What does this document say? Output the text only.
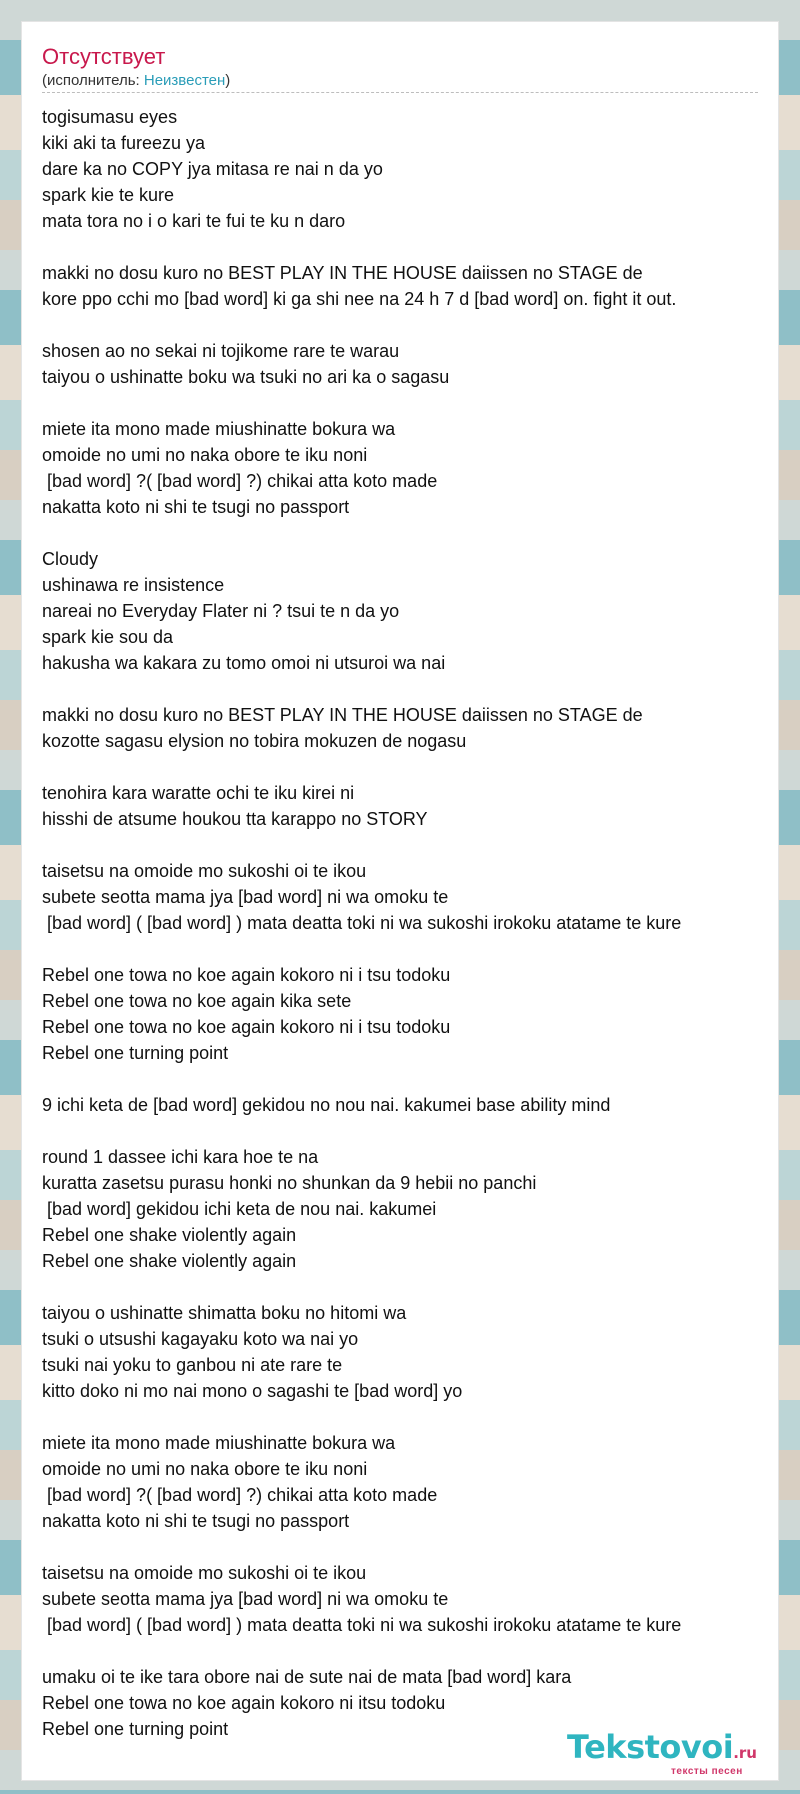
Отсутствует
(исполнитель: Неизвестен)
togisumasu eyes
kiki aki ta fureezu ya
dare ka no COPY jya mitasa re nai n da yo
spark kie te kure
mata tora no i o kari te fui te ku n daro
makki no dosu kuro no BEST PLAY IN THE HOUSE daiissen no STAGE de
kore ppo cchi mo [bad word] ki ga shi nee na 24 h 7 d [bad word] on. fight it out.
shosen ao no sekai ni tojikome rare te warau
taiyou o ushinatte boku wa tsuki no ari ka o sagasu
miete ita mono made miushinatte bokura wa
omoide no umi no naka obore te iku noni
[bad word] ?( [bad word] ?) chikai atta koto made
nakatta koto ni shi te tsugi no passport
Cloudy
ushinawa re insistence
nareai no Everyday Flater ni ? tsui te n da yo
spark kie sou da
hakusha wa kakara zu tomo omoi ni utsuroi wa nai
makki no dosu kuro no BEST PLAY IN THE HOUSE daiissen no STAGE de
kozotte sagasu elysion no tobira mokuzen de nogasu
tenohira kara waratte ochi te iku kirei ni
hisshi de atsume houkou tta karappo no STORY
taisetsu na omoide mo sukoshi oi te ikou
subete seotta mama jya [bad word] ni wa omoku te
[bad word] ( [bad word] ) mata deatta toki ni wa sukoshi irokoku atatame te kure
Rebel one towa no koe again kokoro ni i tsu todoku
Rebel one towa no koe again kika sete
Rebel one towa no koe again kokoro ni i tsu todoku
Rebel one turning point
9 ichi keta de [bad word] gekidou no nou nai. kakumei base ability mind
round 1 dassee ichi kara hoe te na
kuratta zasetsu purasu honki no shunkan da 9 hebii no panchi
[bad word] gekidou ichi keta de nou nai. kakumei
Rebel one shake violently again
Rebel one shake violently again
taiyou o ushinatte shimatta boku no hitomi wa
tsuki o utsushi kagayaku koto wa nai yo
tsuki nai yoku to ganbou ni ate rare te
kitto doko ni mo nai mono o sagashi te [bad word] yo
miete ita mono made miushinatte bokura wa
omoide no umi no naka obore te iku noni
[bad word] ?( [bad word] ?) chikai atta koto made
nakatta koto ni shi te tsugi no passport
taisetsu na omoide mo sukoshi oi te ikou
subete seotta mama jya [bad word] ni wa omoku te
[bad word] ( [bad word] ) mata deatta toki ni wa sukoshi irokoku atatame te kure
umaku oi te ike tara obore nai de sute nai de mata [bad word] kara
Rebel one towa no koe again kokoro ni itsu todoku
Rebel one turning point	Tekstovoi.ru
тексты песен
